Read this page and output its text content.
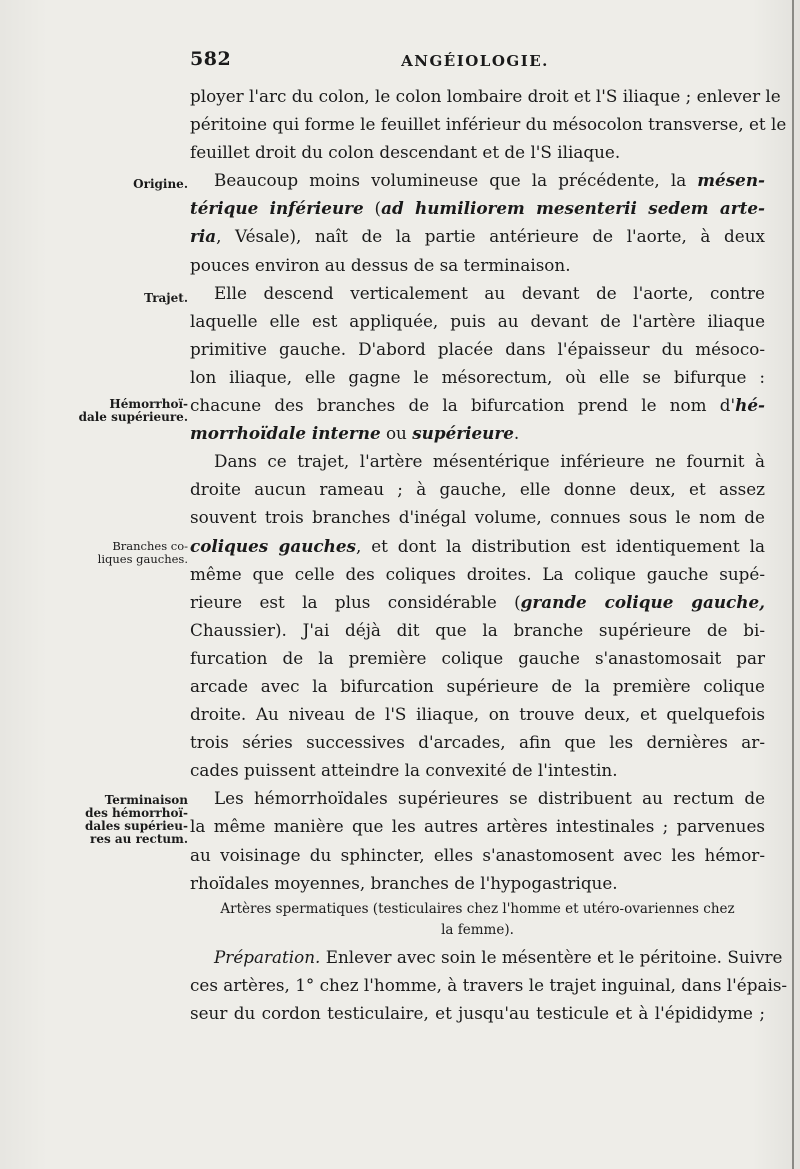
582	ANGÉIOLOGIE.
Origine.
Trajet.
Hémorrhoï-
dale supérieure.
Branches co-
liques gauches.
Terminaison
des hémorrhoï-
dales supérieu-
res au rectum.
ployer l'arc du colon, le colon lombaire droit et l'S iliaque ; enlever le
péritoine qui forme le feuillet inférieur du mésocolon transverse, et le
feuillet droit du colon descendant et de l'S iliaque.
Beaucoup moins volumineuse que la précédente, la mésen-
térique inférieure (ad humiliorem mesenterii sedem arte-
ria, Vésale), naît de la partie antérieure de l'aorte, à deux
pouces environ au dessus de sa terminaison.
Elle descend verticalement au devant de l'aorte, contre
laquelle elle est appliquée, puis au devant de l'artère iliaque
primitive gauche. D'abord placée dans l'épaisseur du mésoco-
lon iliaque, elle gagne le mésorectum, où elle se bifurque :
chacune des branches de la bifurcation prend le nom d'hé-
morrhoïdale interne ou supérieure.
Dans ce trajet, l'artère mésentérique inférieure ne fournit à
droite aucun rameau ; à gauche, elle donne deux, et assez
souvent trois branches d'inégal volume, connues sous le nom de
coliques gauches, et dont la distribution est identiquement la
même que celle des coliques droites. La colique gauche supé-
rieure est la plus considérable (grande colique gauche,
Chaussier). J'ai déjà dit que la branche supérieure de bi-
furcation de la première colique gauche s'anastomosait par
arcade avec la bifurcation supérieure de la première colique
droite. Au niveau de l'S iliaque, on trouve deux, et quelquefois
trois séries successives d'arcades, afin que les dernières ar-
cades puissent atteindre la convexité de l'intestin.
Les hémorrhoïdales supérieures se distribuent au rectum de
la même manière que les autres artères intestinales ; parvenues
au voisinage du sphincter, elles s'anastomosent avec les hémor-
rhoïdales moyennes, branches de l'hypogastrique.
Artères spermatiques (testiculaires chez l'homme et utéro-ovariennes chez
la femme).
Préparation. Enlever avec soin le mésentère et le péritoine. Suivre
ces artères, 1° chez l'homme, à travers le trajet inguinal, dans l'épais-
seur du cordon testiculaire, et jusqu'au testicule et à l'épididyme ;
